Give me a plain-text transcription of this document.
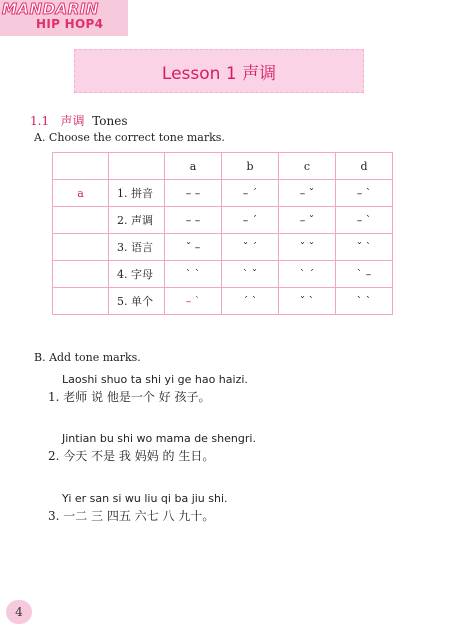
MANDARIN
HIP HOP4
Lesson 1 声调
1.1 声调 Tones
A. Choose the correct tone marks.
		a	b	c	d
a	1. 拼音	– –	– ˊ	– ˇ	– ˋ
	2. 声调	– –	– ˊ	– ˇ	– ˋ
	3. 语言	ˇ –	ˇ ˊ	ˇ ˇ	ˇ ˋ
	4. 字母	ˋ ˋ	ˋ ˇ	ˋ ˊ	ˋ –
	5. 单个	– ˋ	ˊ ˋ	ˇ ˋ	ˋ ˋ
B. Add tone marks.
Laoshi shuo ta shi yi ge hao haizi.
1. 老师 说 他是一个 好 孩子。
Jintian bu shi wo mama de shengri.
2. 今天 不是 我 妈妈 的 生日。
Yi er san si wu liu qi ba jiu shi.
3. 一二 三 四五 六七 八 九十。
4
